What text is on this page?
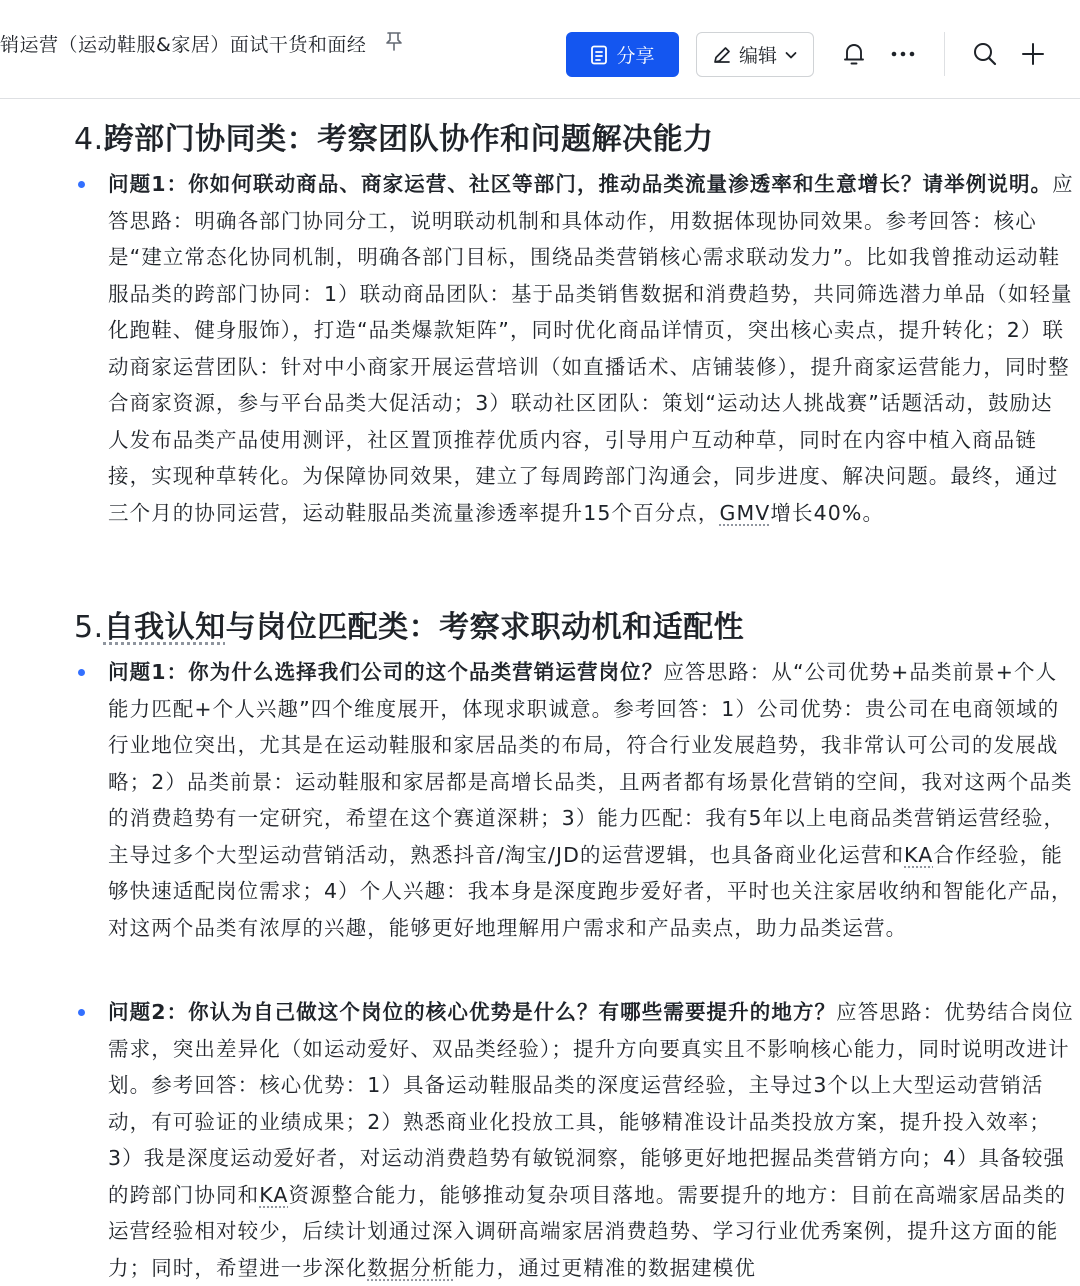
销运营（运动鞋服&家居）面试干货和面经	分享	编辑
4.跨部门协同类：考察团队协作和问题解决能力

问题1：你如何联动商品、商家运营、社区等部门，推动品类流量渗透率和生意增长？请举例说明。应答思路：明确各部门协同分工，说明联动机制和具体动作，用数据体现协同效果。参考回答：核心是“建立常态化协同机制，明确各部门目标，围绕品类营销核心需求联动发力”。比如我曾推动运动鞋服品类的跨部门协同：1）联动商品团队：基于品类销售数据和消费趋势，共同筛选潜力单品（如轻量化跑鞋、健身服饰），打造“品类爆款矩阵”，同时优化商品详情页，突出核心卖点，提升转化；2）联动商家运营团队：针对中小商家开展运营培训（如直播话术、店铺装修），提升商家运营能力，同时整合商家资源，参与平台品类大促活动；3）联动社区团队：策划“运动达人挑战赛”话题活动，鼓励达人发布品类产品使用测评，社区置顶推荐优质内容，引导用户互动种草，同时在内容中植入商品链接，实现种草转化。为保障协同效果，建立了每周跨部门沟通会，同步进度、解决问题。最终，通过三个月的协同运营，运动鞋服品类流量渗透率提升15个百分点，GMV增长40%。

5.自我认知与岗位匹配类：考察求职动机和适配性

问题1：你为什么选择我们公司的这个品类营销运营岗位？应答思路：从“公司优势+品类前景+个人能力匹配+个人兴趣”四个维度展开，体现求职诚意。参考回答：1）公司优势：贵公司在电商领域的行业地位突出，尤其是在运动鞋服和家居品类的布局，符合行业发展趋势，我非常认可公司的发展战略；2）品类前景：运动鞋服和家居都是高增长品类，且两者都有场景化营销的空间，我对这两个品类的消费趋势有一定研究，希望在这个赛道深耕；3）能力匹配：我有5年以上电商品类营销运营经验，主导过多个大型运动营销活动，熟悉抖音/淘宝/JD的运营逻辑，也具备商业化运营和KA合作经验，能够快速适配岗位需求；4）个人兴趣：我本身是深度跑步爱好者，平时也关注家居收纳和智能化产品，对这两个品类有浓厚的兴趣，能够更好地理解用户需求和产品卖点，助力品类运营。

问题2：你认为自己做这个岗位的核心优势是什么？有哪些需要提升的地方？应答思路：优势结合岗位需求，突出差异化（如运动爱好、双品类经验）；提升方向要真实且不影响核心能力，同时说明改进计划。参考回答：核心优势：1）具备运动鞋服品类的深度运营经验，主导过3个以上大型运动营销活动，有可验证的业绩成果；2）熟悉商业化投放工具，能够精准设计品类投放方案，提升投入效率；3）我是深度运动爱好者，对运动消费趋势有敏锐洞察，能够更好地把握品类营销方向；4）具备较强的跨部门协同和KA资源整合能力，能够推动复杂项目落地。需要提升的地方：目前在高端家居品类的运营经验相对较少，后续计划通过深入调研高端家居消费趋势、学习行业优秀案例，提升这方面的能力；同时，希望进一步深化数据分析能力，通过更精准的数据建模优
